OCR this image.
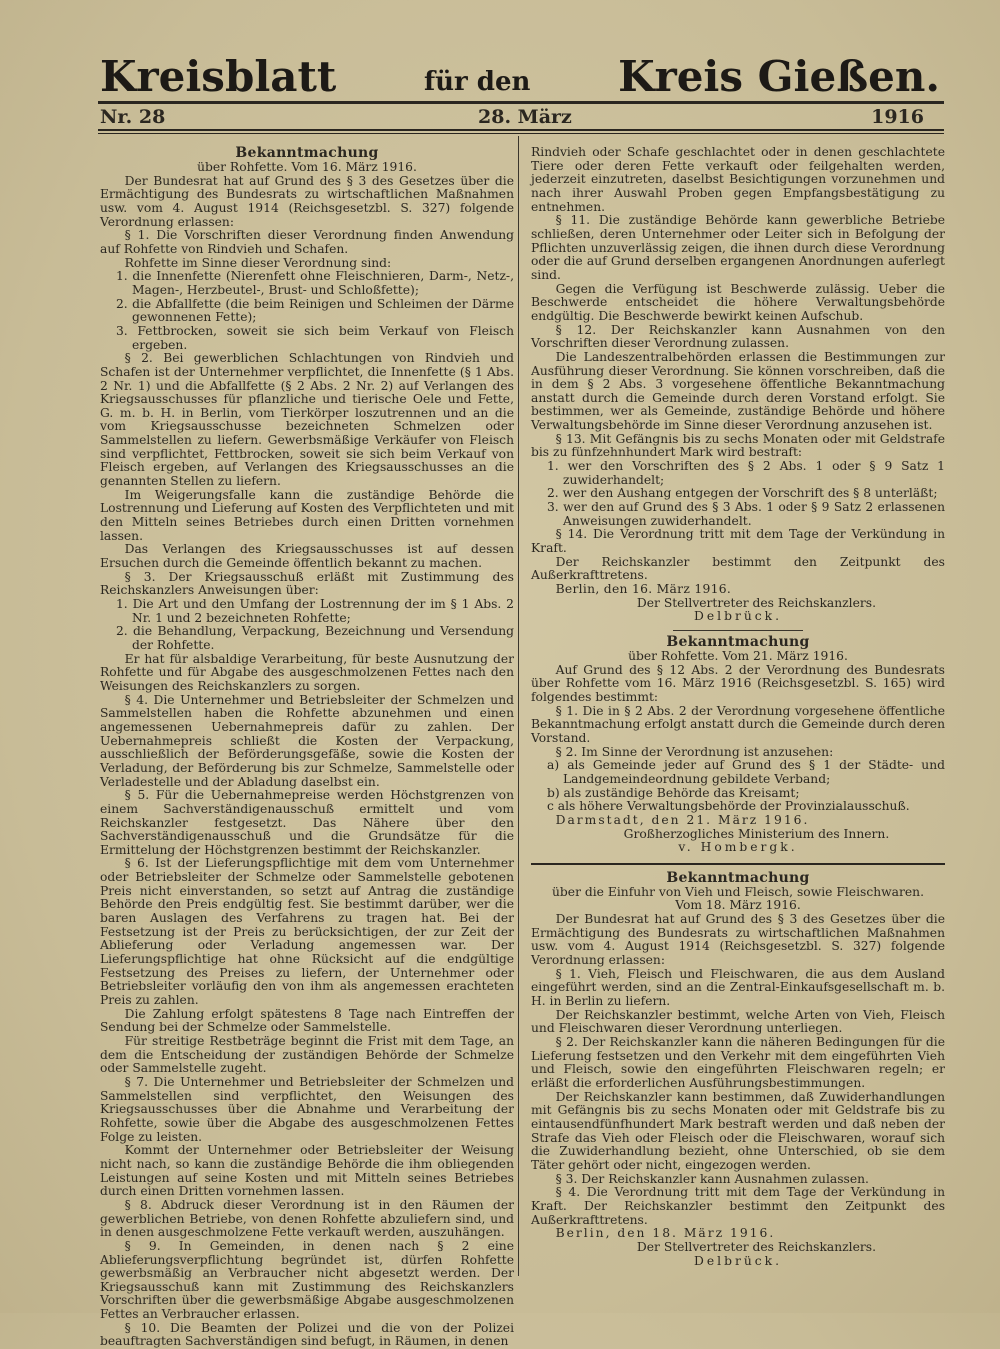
Kreisblatt	für den Kreis Gießen.
Nr. 28	28. März	1916
Bekanntmachung
über Rohfette. Vom 16. März 1916.
Der Bundesrat hat auf Grund des § 3 des Gesetzes über die Ermächtigung des Bundesrats zu wirtschaftlichen Maßnahmen usw. vom 4. August 1914 (Reichsgesetzbl. S. 327) folgende Verordnung erlassen:
§ 1. Die Vorschriften dieser Verordnung finden Anwendung auf Rohfette von Rindvieh und Schafen.
Rohfette im Sinne dieser Verordnung sind:
1. die Innenfette (Nierenfett ohne Fleischnieren, Darm-, Netz-, Magen-, Herzbeutel-, Brust- und Schloßfette);
2. die Abfallfette (die beim Reinigen und Schleimen der Därme gewonnenen Fette);
3. Fettbrocken, soweit sie sich beim Verkauf von Fleisch ergeben.
§ 2. Bei gewerblichen Schlachtungen von Rindvieh und Schafen ist der Unternehmer verpflichtet, die Innenfette (§ 1 Abs. 2 Nr. 1) und die Abfallfette (§ 2 Abs. 2 Nr. 2) auf Verlangen des Kriegsausschusses für pflanzliche und tierische Oele und Fette, G. m. b. H. in Berlin, vom Tierkörper loszutrennen und an die vom Kriegsausschusse bezeichneten Schmelzen oder Sammelstellen zu liefern. Gewerbsmäßige Verkäufer von Fleisch sind verpflichtet, Fettbrocken, soweit sie sich beim Verkauf von Fleisch ergeben, auf Verlangen des Kriegsausschusses an die genannten Stellen zu liefern.
Im Weigerungsfalle kann die zuständige Behörde die Lostrennung und Lieferung auf Kosten des Verpflichteten und mit den Mitteln seines Betriebes durch einen Dritten vornehmen lassen.
Das Verlangen des Kriegsausschusses ist auf dessen Ersuchen durch die Gemeinde öffentlich bekannt zu machen.
§ 3. Der Kriegsausschuß erläßt mit Zustimmung des Reichskanzlers Anweisungen über:
1. Die Art und den Umfang der Lostrennung der im § 1 Abs. 2 Nr. 1 und 2 bezeichneten Rohfette;
2. die Behandlung, Verpackung, Bezeichnung und Versendung der Rohfette.
Er hat für alsbaldige Verarbeitung, für beste Ausnutzung der Rohfette und für Abgabe des ausgeschmolzenen Fettes nach den Weisungen des Reichskanzlers zu sorgen.
§ 4. Die Unternehmer und Betriebsleiter der Schmelzen und Sammelstellen haben die Rohfette abzunehmen und einen angemessenen Uebernahmepreis dafür zu zahlen. Der Uebernahmepreis schließt die Kosten der Verpackung, ausschließlich der Beförderungsgefäße, sowie die Kosten der Verladung, der Beförderung bis zur Schmelze, Sammelstelle oder Verladestelle und der Abladung daselbst ein.
§ 5. Für die Uebernahmepreise werden Höchstgrenzen von einem Sachverständigenausschuß ermittelt und vom Reichskanzler festgesetzt. Das Nähere über den Sachverständigenausschuß und die Grundsätze für die Ermittelung der Höchstgrenzen bestimmt der Reichskanzler.
§ 6. Ist der Lieferungspflichtige mit dem vom Unternehmer oder Betriebsleiter der Schmelze oder Sammelstelle gebotenen Preis nicht einverstanden, so setzt auf Antrag die zuständige Behörde den Preis endgültig fest. Sie bestimmt darüber, wer die baren Auslagen des Verfahrens zu tragen hat. Bei der Festsetzung ist der Preis zu berücksichtigen, der zur Zeit der Ablieferung oder Verladung angemessen war. Der Lieferungspflichtige hat ohne Rücksicht auf die endgültige Festsetzung des Preises zu liefern, der Unternehmer oder Betriebsleiter vorläufig den von ihm als angemessen erachteten Preis zu zahlen.
Die Zahlung erfolgt spätestens 8 Tage nach Eintreffen der Sendung bei der Schmelze oder Sammelstelle.
Für streitige Restbeträge beginnt die Frist mit dem Tage, an dem die Entscheidung der zuständigen Behörde der Schmelze oder Sammelstelle zugeht.
§ 7. Die Unternehmer und Betriebsleiter der Schmelzen und Sammelstellen sind verpflichtet, den Weisungen des Kriegsausschusses über die Abnahme und Verarbeitung der Rohfette, sowie über die Abgabe des ausgeschmolzenen Fettes Folge zu leisten.
Kommt der Unternehmer oder Betriebsleiter der Weisung nicht nach, so kann die zuständige Behörde die ihm obliegenden Leistungen auf seine Kosten und mit Mitteln seines Betriebes durch einen Dritten vornehmen lassen.
§ 8. Abdruck dieser Verordnung ist in den Räumen der gewerblichen Betriebe, von denen Rohfette abzuliefern sind, und in denen ausgeschmolzene Fette verkauft werden, auszuhängen.
§ 9. In Gemeinden, in denen nach § 2 eine Ablieferungsverpflichtung begründet ist, dürfen Rohfette gewerbsmäßig an Verbraucher nicht abgesetzt werden. Der Kriegsausschuß kann mit Zustimmung des Reichskanzlers Vorschriften über die gewerbsmäßige Abgabe ausgeschmolzenen Fettes an Verbraucher erlassen.
§ 10. Die Beamten der Polizei und die von der Polizei beauftragten Sachverständigen sind befugt, in Räumen, in denen
Rindvieh oder Schafe geschlachtet oder in denen geschlachtete Tiere oder deren Fette verkauft oder feilgehalten werden, jederzeit einzutreten, daselbst Besichtigungen vorzunehmen und nach ihrer Auswahl Proben gegen Empfangsbestätigung zu entnehmen.
§ 11. Die zuständige Behörde kann gewerbliche Betriebe schließen, deren Unternehmer oder Leiter sich in Befolgung der Pflichten unzuverlässig zeigen, die ihnen durch diese Verordnung oder die auf Grund derselben ergangenen Anordnungen auferlegt sind.
Gegen die Verfügung ist Beschwerde zulässig. Ueber die Beschwerde entscheidet die höhere Verwaltungsbehörde endgültig. Die Beschwerde bewirkt keinen Aufschub.
§ 12. Der Reichskanzler kann Ausnahmen von den Vorschriften dieser Verordnung zulassen.
Die Landeszentralbehörden erlassen die Bestimmungen zur Ausführung dieser Verordnung. Sie können vorschreiben, daß die in dem § 2 Abs. 3 vorgesehene öffentliche Bekanntmachung anstatt durch die Gemeinde durch deren Vorstand erfolgt. Sie bestimmen, wer als Gemeinde, zuständige Behörde und höhere Verwaltungsbehörde im Sinne dieser Verordnung anzusehen ist.
§ 13. Mit Gefängnis bis zu sechs Monaten oder mit Geldstrafe bis zu fünfzehnhundert Mark wird bestraft:
1. wer den Vorschriften des § 2 Abs. 1 oder § 9 Satz 1 zuwiderhandelt;
2. wer den Aushang entgegen der Vorschrift des § 8 unterläßt;
3. wer den auf Grund des § 3 Abs. 1 oder § 9 Satz 2 erlassenen Anweisungen zuwiderhandelt.
§ 14. Die Verordnung tritt mit dem Tage der Verkündung in Kraft.
Der Reichskanzler bestimmt den Zeitpunkt des Außerkrafttretens.
Berlin, den 16. März 1916.
Der Stellvertreter des Reichskanzlers.
Delbrück.
Bekanntmachung
über Rohfette. Vom 21. März 1916.
Auf Grund des § 12 Abs. 2 der Verordnung des Bundesrats über Rohfette vom 16. März 1916 (Reichsgesetzbl. S. 165) wird folgendes bestimmt:
§ 1. Die in § 2 Abs. 2 der Verordnung vorgesehene öffentliche Bekanntmachung erfolgt anstatt durch die Gemeinde durch deren Vorstand.
§ 2. Im Sinne der Verordnung ist anzusehen:
a) als Gemeinde jeder auf Grund des § 1 der Städte- und Landgemeindeordnung gebildete Verband;
b) als zuständige Behörde das Kreisamt;
c als höhere Verwaltungsbehörde der Provinzialausschuß.
Darmstadt, den 21. März 1916.
Großherzogliches Ministerium des Innern.
v. Hombergk.
Bekanntmachung
über die Einfuhr von Vieh und Fleisch, sowie Fleischwaren.
Vom 18. März 1916.
Der Bundesrat hat auf Grund des § 3 des Gesetzes über die Ermächtigung des Bundesrats zu wirtschaftlichen Maßnahmen usw. vom 4. August 1914 (Reichsgesetzbl. S. 327) folgende Verordnung erlassen:
§ 1. Vieh, Fleisch und Fleischwaren, die aus dem Ausland eingeführt werden, sind an die Zentral-Einkaufsgesellschaft m. b. H. in Berlin zu liefern.
Der Reichskanzler bestimmt, welche Arten von Vieh, Fleisch und Fleischwaren dieser Verordnung unterliegen.
§ 2. Der Reichskanzler kann die näheren Bedingungen für die Lieferung festsetzen und den Verkehr mit dem eingeführten Vieh und Fleisch, sowie den eingeführten Fleischwaren regeln; er erläßt die erforderlichen Ausführungsbestimmungen.
Der Reichskanzler kann bestimmen, daß Zuwiderhandlungen mit Gefängnis bis zu sechs Monaten oder mit Geldstrafe bis zu eintausendfünfhundert Mark bestraft werden und daß neben der Strafe das Vieh oder Fleisch oder die Fleischwaren, worauf sich die Zuwiderhandlung bezieht, ohne Unterschied, ob sie dem Täter gehört oder nicht, eingezogen werden.
§ 3. Der Reichskanzler kann Ausnahmen zulassen.
§ 4. Die Verordnung tritt mit dem Tage der Verkündung in Kraft. Der Reichskanzler bestimmt den Zeitpunkt des Außerkrafttretens.
Berlin, den 18. März 1916.
Der Stellvertreter des Reichskanzlers.
Delbrück.
